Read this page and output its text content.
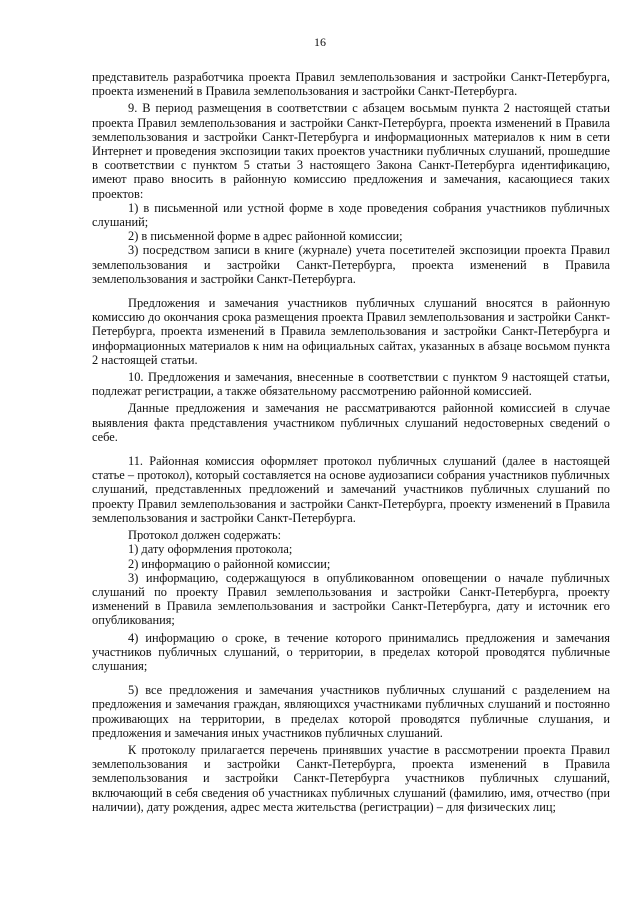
16

представитель разработчика проекта Правил землепользования и застройки Санкт-Петербурга, проекта изменений в Правила землепользования и застройки Санкт-Петербурга.

9. В период размещения в соответствии с абзацем восьмым пункта 2 настоящей статьи проекта Правил землепользования и застройки Санкт-Петербурга, проекта изменений в Правила землепользования и застройки Санкт-Петербурга и информационных материалов к ним в сети Интернет и проведения экспозиции таких проектов участники публичных слушаний, прошедшие в соответствии с пунктом 5 статьи 3 настоящего Закона Санкт-Петербурга идентификацию, имеют право вносить в районную комиссию предложения и замечания, касающиеся таких проектов:

1) в письменной или устной форме в ходе проведения собрания участников публичных слушаний;

2) в письменной форме в адрес районной комиссии;

3) посредством записи в книге (журнале) учета посетителей экспозиции проекта Правил землепользования и застройки Санкт-Петербурга, проекта изменений в Правила землепользования и застройки Санкт-Петербурга.

Предложения и замечания участников публичных слушаний вносятся в районную комиссию до окончания срока размещения проекта Правил землепользования и застройки Санкт-Петербурга, проекта изменений в Правила землепользования и застройки Санкт-Петербурга и информационных материалов к ним на официальных сайтах, указанных в абзаце восьмом пункта 2 настоящей статьи.

10. Предложения и замечания, внесенные в соответствии с пунктом 9 настоящей статьи, подлежат регистрации, а также обязательному рассмотрению районной комиссией.

Данные предложения и замечания не рассматриваются районной комиссией в случае выявления факта представления участником публичных слушаний недостоверных сведений о себе.

11. Районная комиссия оформляет протокол публичных слушаний (далее в настоящей статье – протокол), который составляется на основе аудиозаписи собрания участников публичных слушаний, представленных предложений и замечаний участников публичных слушаний по проекту Правил землепользования и застройки Санкт-Петербурга, проекту изменений в Правила землепользования и застройки Санкт-Петербурга.

Протокол должен содержать:

1) дату оформления протокола;

2) информацию о районной комиссии;

3) информацию, содержащуюся в опубликованном оповещении о начале публичных слушаний по проекту Правил землепользования и застройки Санкт-Петербурга, проекту изменений в Правила землепользования и застройки Санкт-Петербурга, дату и источник его опубликования;

4) информацию о сроке, в течение которого принимались предложения и замечания участников публичных слушаний, о территории, в пределах которой проводятся публичные слушания;

5) все предложения и замечания участников публичных слушаний с разделением на предложения и замечания граждан, являющихся участниками публичных слушаний и постоянно проживающих на территории, в пределах которой проводятся публичные слушания, и предложения и замечания иных участников публичных слушаний.

К протоколу прилагается перечень принявших участие в рассмотрении проекта Правил землепользования и застройки Санкт-Петербурга, проекта изменений в Правила землепользования и застройки Санкт-Петербурга участников публичных слушаний, включающий в себя сведения об участниках публичных слушаний (фамилию, имя, отчество (при наличии), дату рождения, адрес места жительства (регистрации) – для физических лиц;
